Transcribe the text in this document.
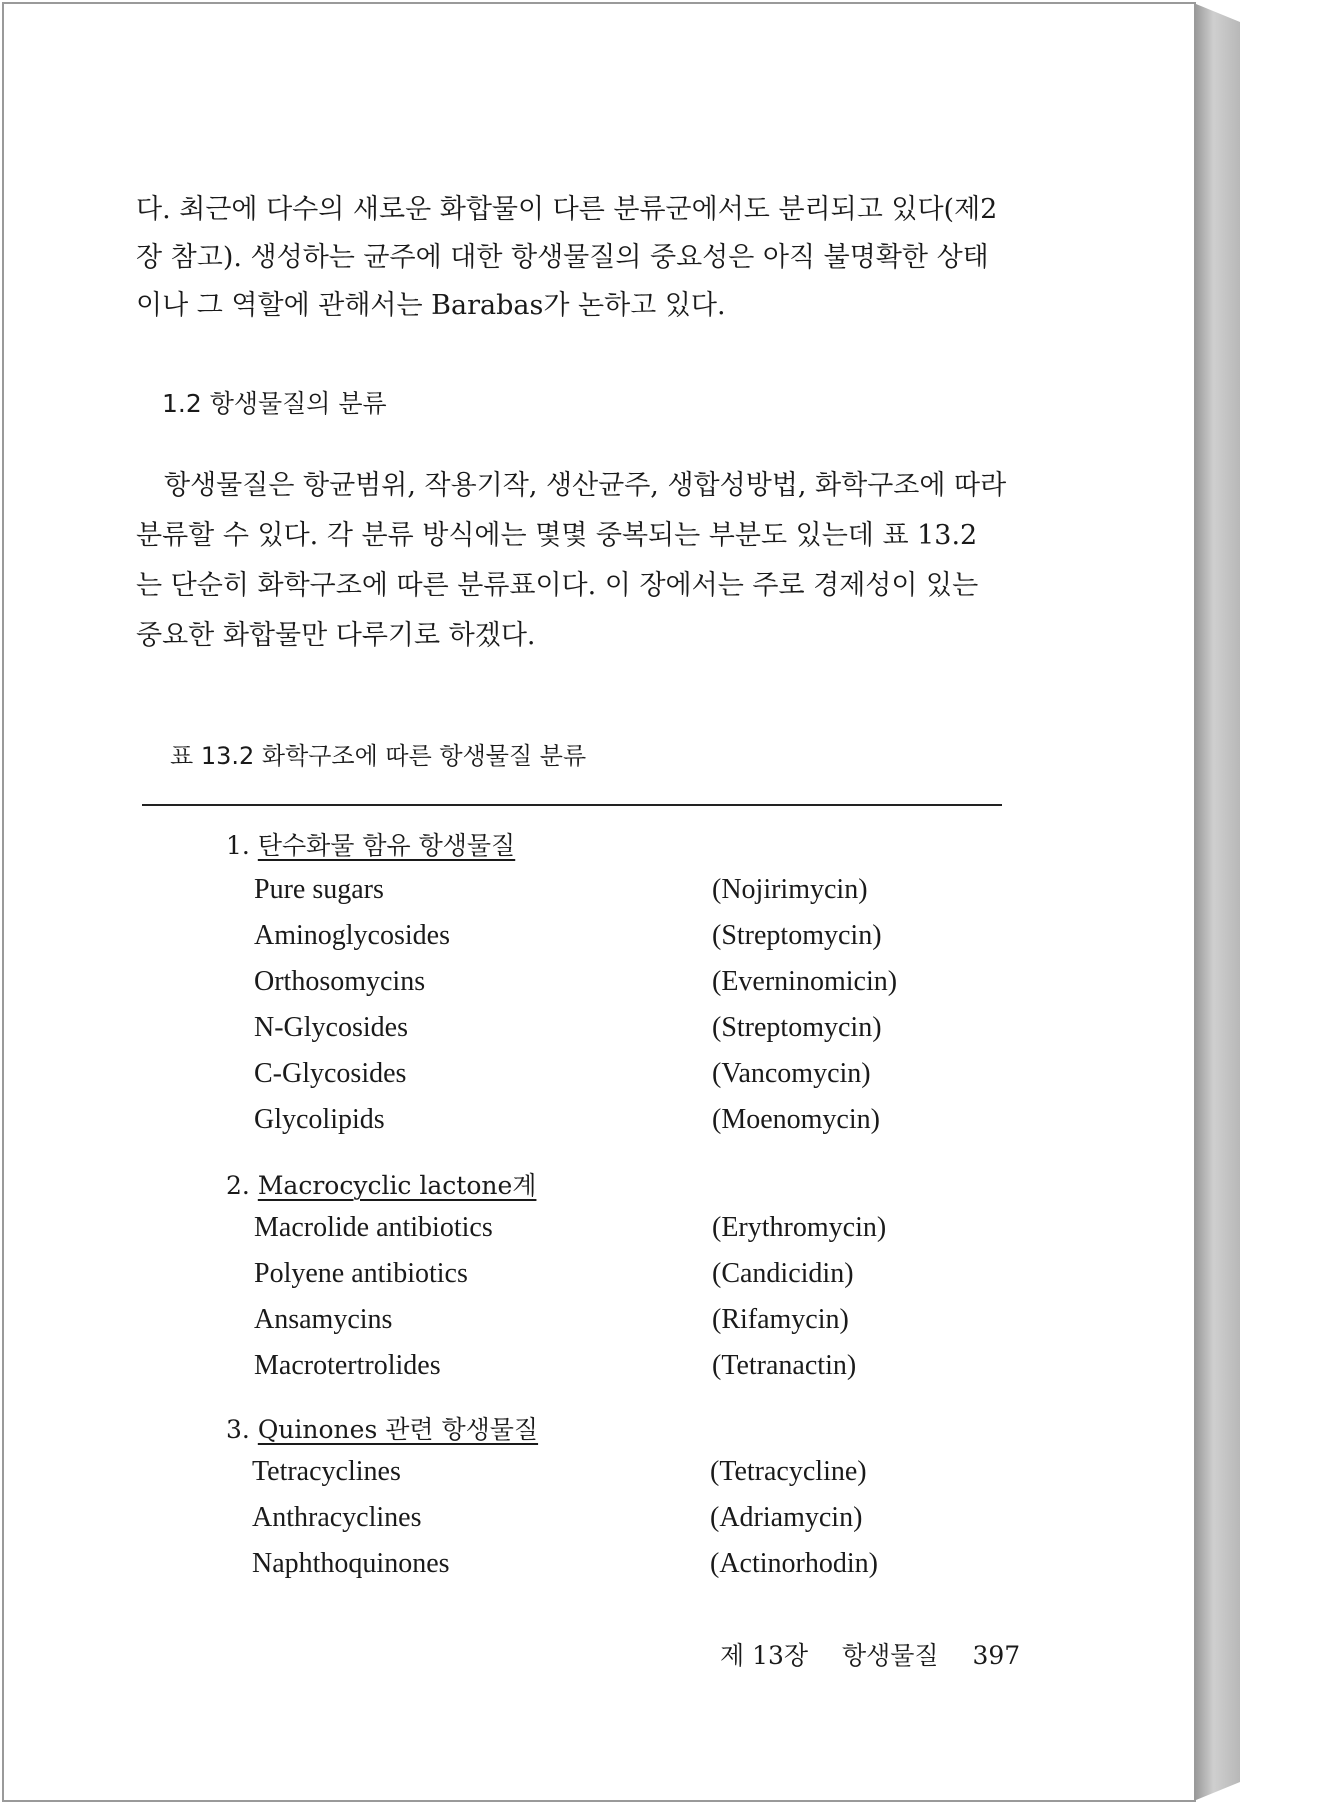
다. 최근에 다수의 새로운 화합물이 다른 분류군에서도 분리되고 있다(제2
장 참고). 생성하는 균주에 대한 항생물질의 중요성은 아직 불명확한 상태
이나 그 역할에 관해서는 Barabas가 논하고 있다.
1.2 항생물질의 분류
항생물질은 항균범위, 작용기작, 생산균주, 생합성방법, 화학구조에 따라
분류할 수 있다. 각 분류 방식에는 몇몇 중복되는 부분도 있는데 표 13.2
는 단순히 화학구조에 따른 분류표이다. 이 장에서는 주로 경제성이 있는
중요한 화합물만 다루기로 하겠다.
표 13.2 화학구조에 따른 항생물질 분류
1. 탄수화물 함유 항생물질
Pure sugars	(Nojirimycin)
Aminoglycosides	(Streptomycin)
Orthosomycins	(Everninomicin)
N-Glycosides	(Streptomycin)
C-Glycosides	(Vancomycin)
Glycolipids	(Moenomycin)
2. Macrocyclic lactone계
Macrolide antibiotics	(Erythromycin)
Polyene antibiotics	(Candicidin)
Ansamycins	(Rifamycin)
Macrotertrolides	(Tetranactin)
3. Quinones 관련 항생물질
Tetracyclines	(Tetracycline)
Anthracyclines	(Adriamycin)
Naphthoquinones	(Actinorhodin)
제 13장 항생물질 397
